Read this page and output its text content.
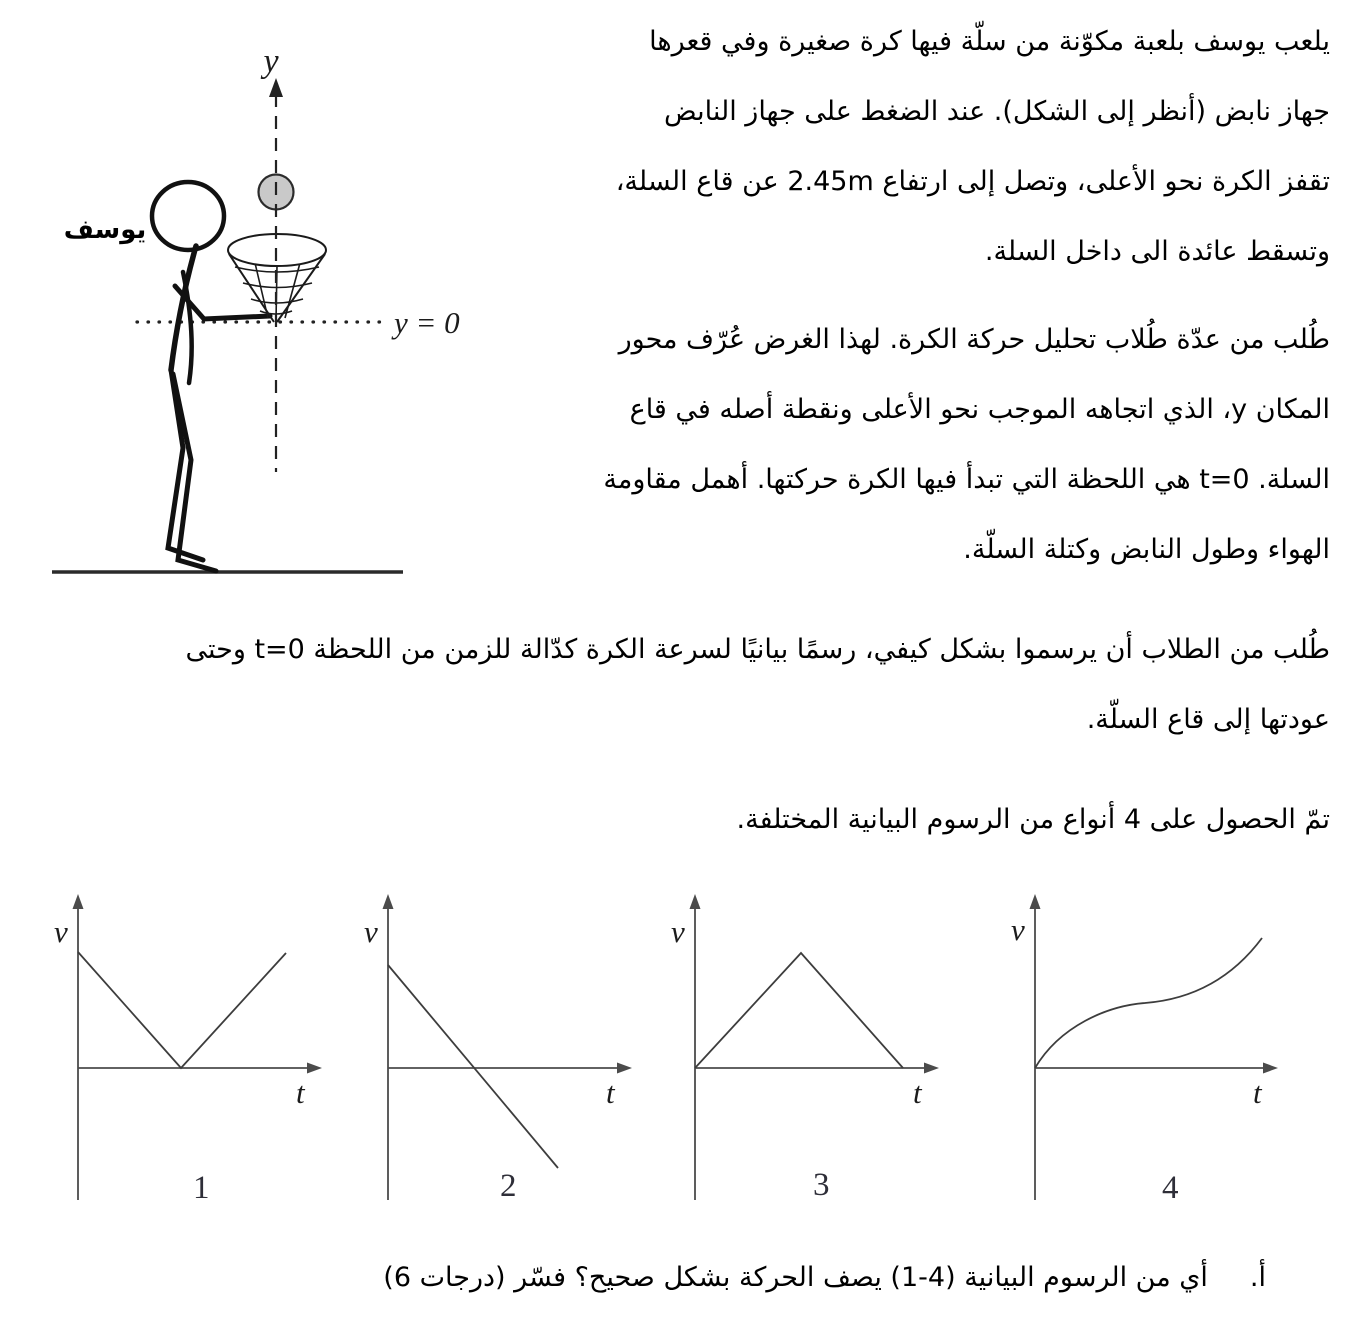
y
y = 0
يوسف
يلعب يوسف بلعبة مكوّنة من سلّة فيها كرة صغيرة وفي قعرها
جهاز نابض (أنظر إلى الشكل). عند الضغط على جهاز النابض
تقفز الكرة نحو الأعلى، وتصل إلى ارتفاع 2.45m عن قاع السلة،
وتسقط عائدة الى داخل السلة.
طُلب من عدّة طُلاب تحليل حركة الكرة. لهذا الغرض عُرّف محور
المكان y، الذي اتجاهه الموجب نحو الأعلى ونقطة أصله في قاع
السلة. t=0 هي اللحظة التي تبدأ فيها الكرة حركتها. أهمل مقاومة
الهواء وطول النابض وكتلة السلّة.
طُلب من الطلاب أن يرسموا بشكل كيفي، رسمًا بيانيًا لسرعة الكرة كدّالة للزمن من اللحظة t=0 وحتى
عودتها إلى قاع السلّة.
تمّ الحصول على 4 أنواع من الرسوم البيانية المختلفة.
v
t
1
v
t
2
v
t
3
v
t
4
أ.
أي من الرسوم البيانية (4-1) يصف الحركة بشكل صحيح؟ فسّر (درجات 6)
